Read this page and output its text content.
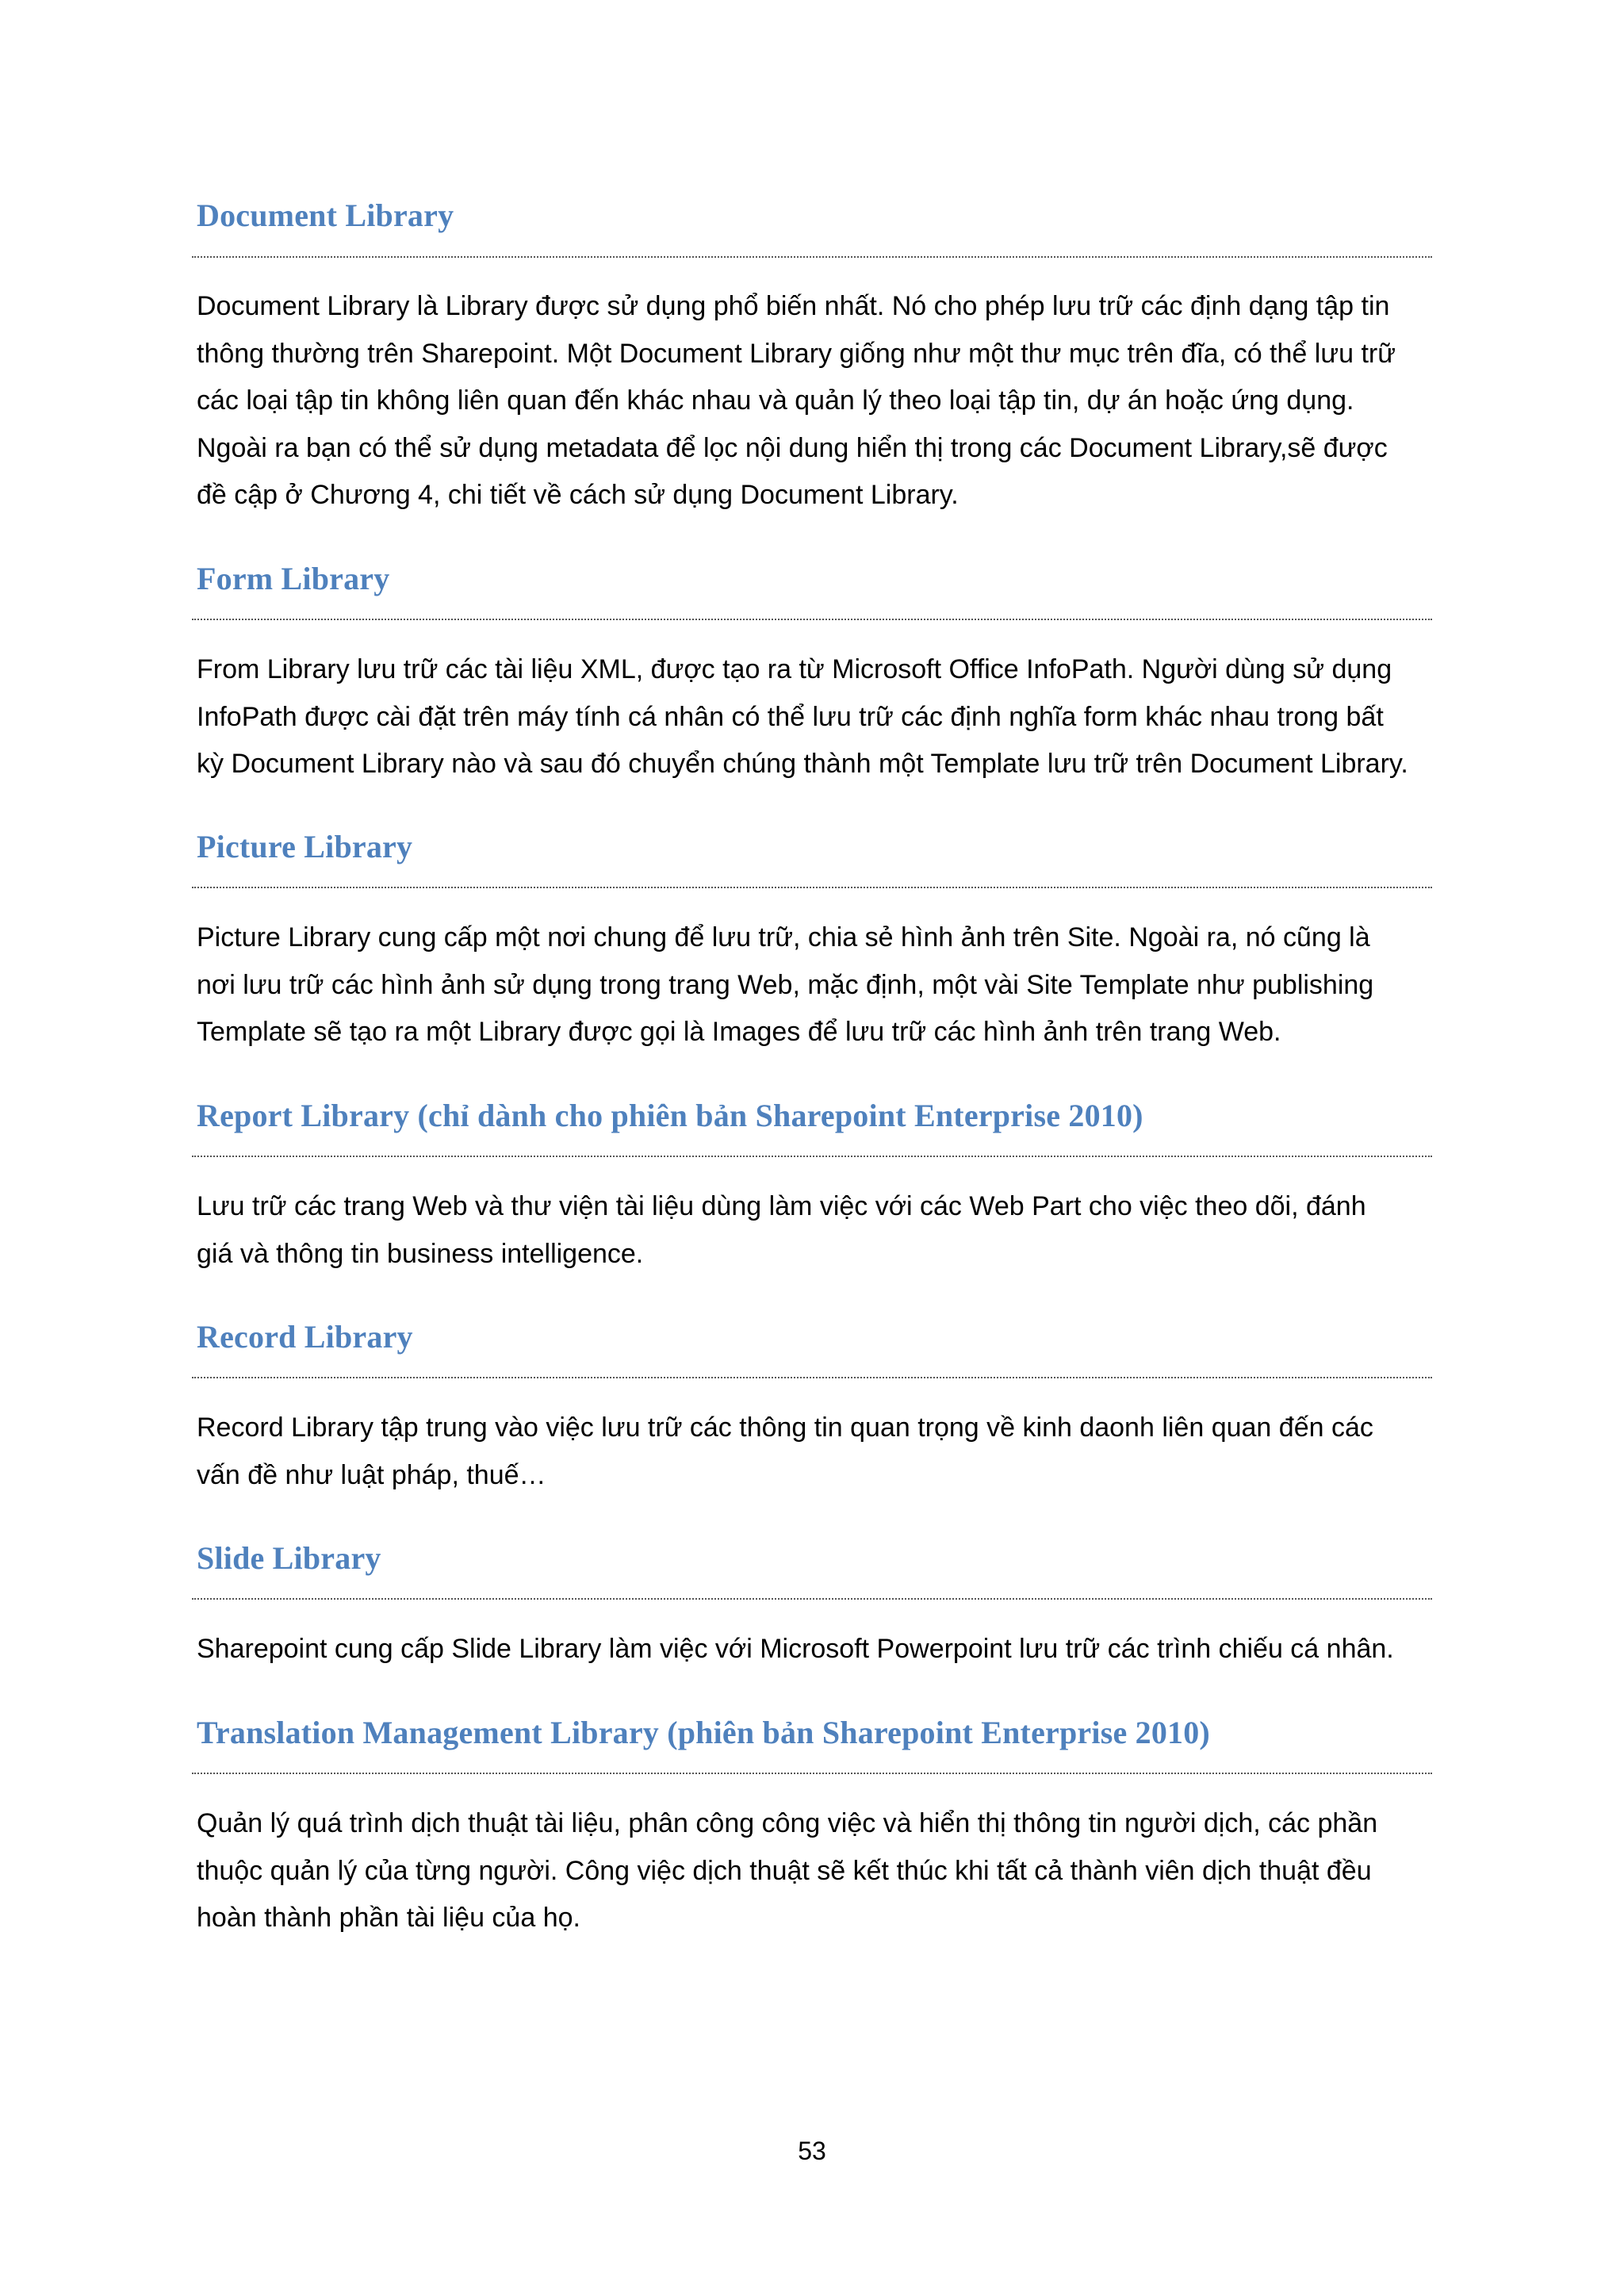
Document Library

Document Library là Library được sử dụng phổ biến nhất. Nó cho phép lưu trữ các định dạng tập tin
thông thường trên Sharepoint. Một Document Library giống như một thư mục trên đĩa, có thể lưu trữ
các loại tập tin không liên quan đến khác nhau và quản lý theo loại tập tin, dự án hoặc ứng dụng.
Ngoài ra bạn có thể sử dụng metadata để lọc nội dung hiển thị trong các Document Library,sẽ được
đề cập ở Chương 4, chi tiết về cách sử dụng Document Library.

Form Library

From Library lưu trữ các tài liệu XML, được tạo ra từ Microsoft Office InfoPath. Người dùng sử dụng
InfoPath được cài đặt trên máy tính cá nhân có thể lưu trữ các định nghĩa form khác nhau trong bất
kỳ Document Library nào và sau đó chuyển chúng thành một Template lưu trữ trên Document Library.

Picture Library

Picture Library cung cấp một nơi chung để lưu trữ, chia sẻ hình ảnh trên Site. Ngoài ra, nó cũng là
nơi lưu trữ các hình ảnh sử dụng trong trang Web, mặc định, một vài Site Template như publishing
Template sẽ tạo ra một Library được gọi là Images để lưu trữ các hình ảnh trên trang Web.

Report Library (chỉ dành cho phiên bản Sharepoint Enterprise 2010)

Lưu trữ các trang Web và thư viện tài liệu dùng làm việc với các Web Part cho việc theo dõi, đánh
giá và thông tin business intelligence.

Record Library

Record Library tập trung vào việc lưu trữ các thông tin quan trọng về kinh daonh liên quan đến các
vấn đề như luật pháp, thuế…

Slide Library

Sharepoint cung cấp Slide Library làm việc với Microsoft Powerpoint lưu trữ các trình chiếu cá nhân.

Translation Management Library (phiên bản Sharepoint Enterprise 2010)

Quản lý quá trình dịch thuật tài liệu, phân công công việc và hiển thị thông tin người dịch, các phần
thuộc quản lý của từng người. Công việc dịch thuật sẽ kết thúc khi tất cả thành viên dịch thuật đều
hoàn thành phần tài liệu của họ.

53
